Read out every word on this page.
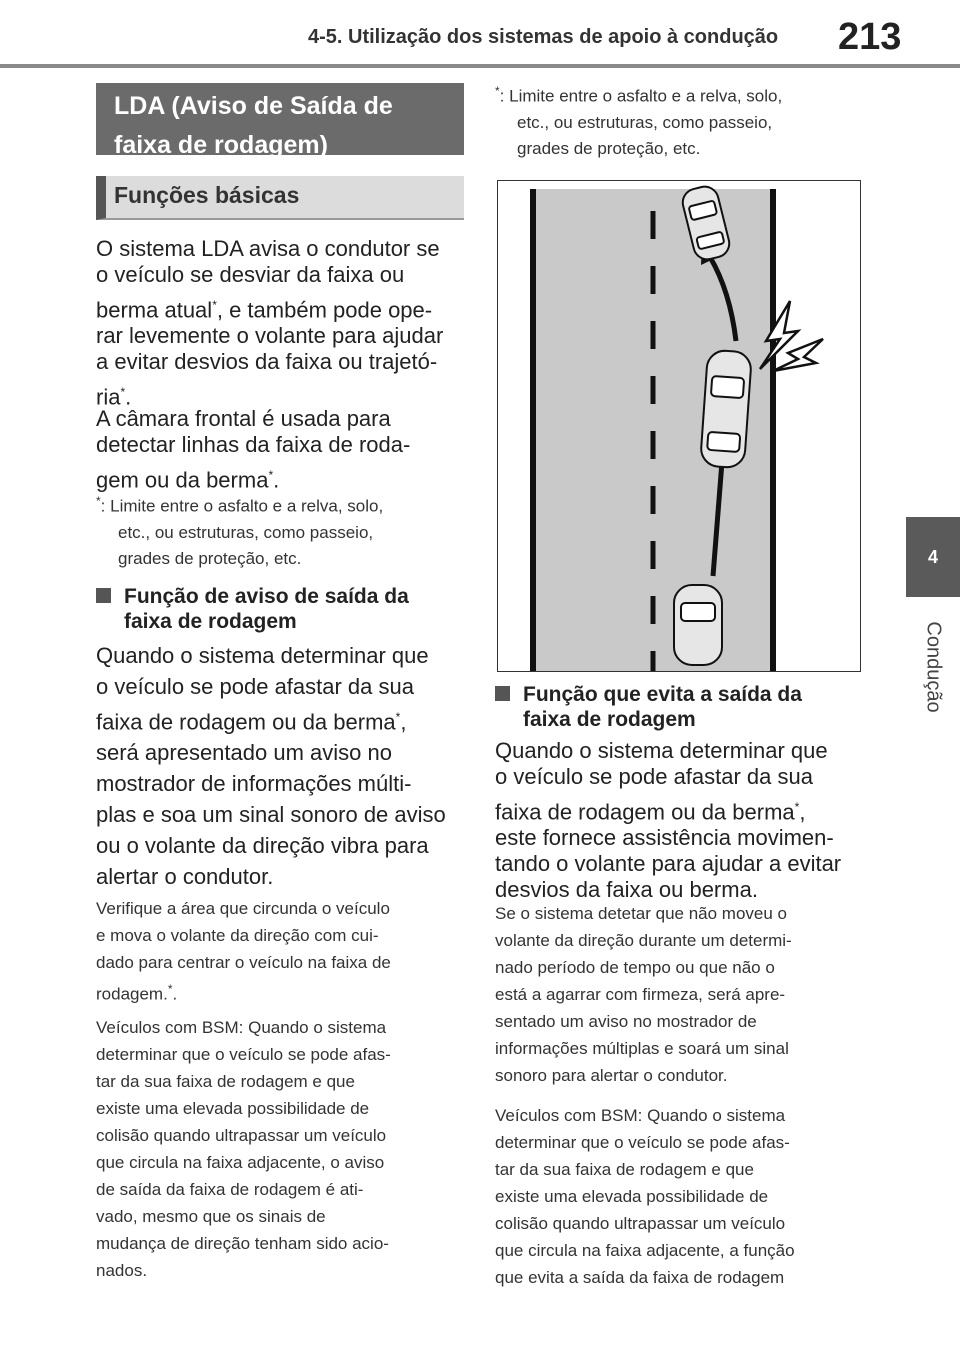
4-5. Utilização dos sistemas de apoio à condução 213
4
Condução
LDA (Aviso de Saída de
faixa de rodagem)
Funções básicas
O sistema LDA avisa o condutor se
o veículo se desviar da faixa ou
berma atual*, e também pode ope-
rar levemente o volante para ajudar
a evitar desvios da faixa ou trajetó-
ria*.
A câmara frontal é usada para
detectar linhas da faixa de roda-
gem ou da berma*.
*: Limite entre o asfalto e a relva, solo,
etc., ou estruturas, como passeio,
grades de proteção, etc.
Função de aviso de saída da
faixa de rodagem
Quando o sistema determinar que
o veículo se pode afastar da sua
faixa de rodagem ou da berma*,
será apresentado um aviso no
mostrador de informações múlti-
plas e soa um sinal sonoro de aviso
ou o volante da direção vibra para
alertar o condutor.
Verifique a área que circunda o veículo
e mova o volante da direção com cui-
dado para centrar o veículo na faixa de
rodagem.*.
Veículos com BSM: Quando o sistema
determinar que o veículo se pode afas-
tar da sua faixa de rodagem e que
existe uma elevada possibilidade de
colisão quando ultrapassar um veículo
que circula na faixa adjacente, o aviso
de saída da faixa de rodagem é ati-
vado, mesmo que os sinais de
mudança de direção tenham sido acio-
nados.
*: Limite entre o asfalto e a relva, solo,
etc., ou estruturas, como passeio,
grades de proteção, etc.
Função que evita a saída da
faixa de rodagem
Quando o sistema determinar que
o veículo se pode afastar da sua
faixa de rodagem ou da berma*,
este fornece assistência movimen-
tando o volante para ajudar a evitar
desvios da faixa ou berma.
Se o sistema detetar que não moveu o
volante da direção durante um determi-
nado período de tempo ou que não o
está a agarrar com firmeza, será apre-
sentado um aviso no mostrador de
informações múltiplas e soará um sinal
sonoro para alertar o condutor.
Veículos com BSM: Quando o sistema
determinar que o veículo se pode afas-
tar da sua faixa de rodagem e que
existe uma elevada possibilidade de
colisão quando ultrapassar um veículo
que circula na faixa adjacente, a função
que evita a saída da faixa de rodagem
